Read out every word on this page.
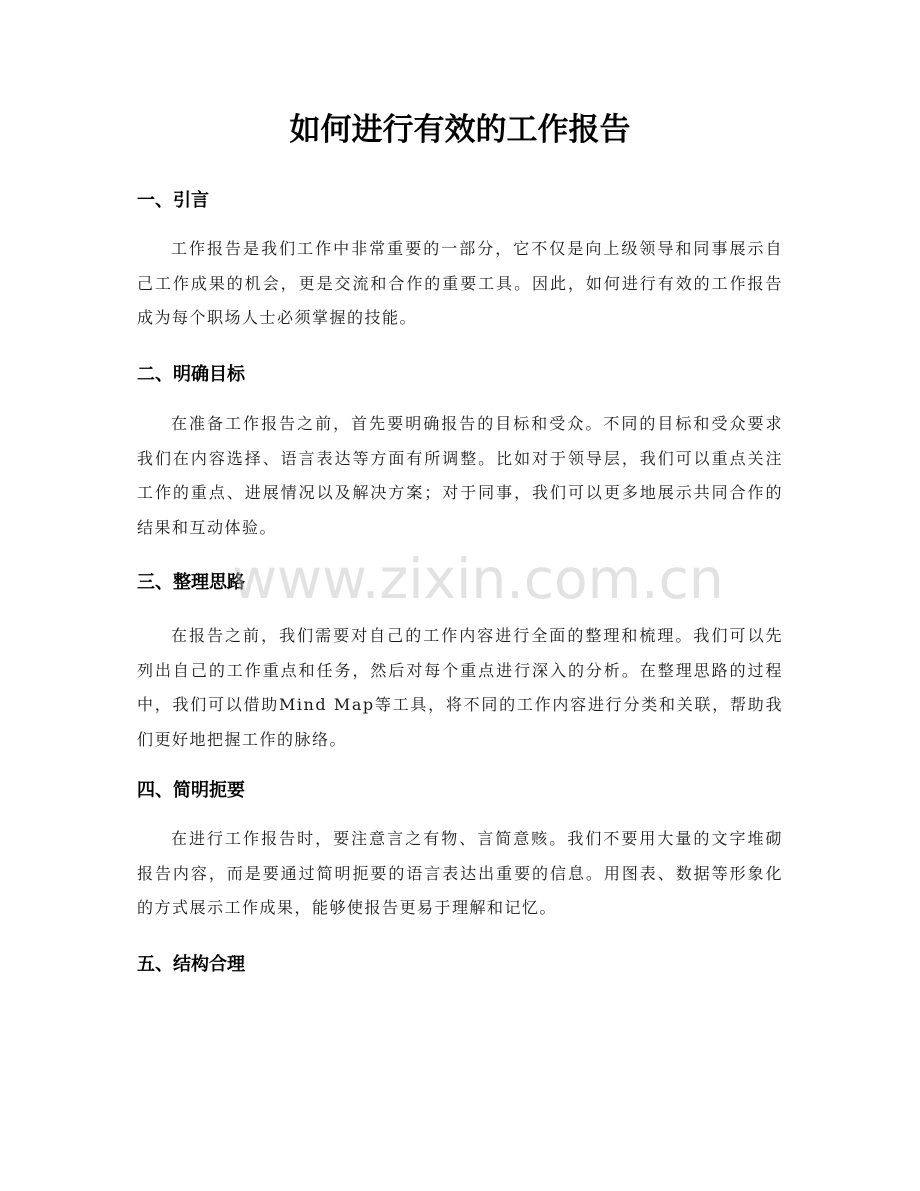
如何进行有效的工作报告
一、引言

工作报告是我们工作中非常重要的一部分，它不仅是向上级领导和同事展示自己工作成果的机会，更是交流和合作的重要工具。因此，如何进行有效的工作报告成为每个职场人士必须掌握的技能。

二、明确目标

在准备工作报告之前，首先要明确报告的目标和受众。不同的目标和受众要求我们在内容选择、语言表达等方面有所调整。比如对于领导层，我们可以重点关注工作的重点、进展情况以及解决方案；对于同事，我们可以更多地展示共同合作的结果和互动体验。

三、整理思路

在报告之前，我们需要对自己的工作内容进行全面的整理和梳理。我们可以先列出自己的工作重点和任务，然后对每个重点进行深入的分析。在整理思路的过程中，我们可以借助Mind Map等工具，将不同的工作内容进行分类和关联，帮助我们更好地把握工作的脉络。

四、简明扼要

在进行工作报告时，要注意言之有物、言简意赅。我们不要用大量的文字堆砌报告内容，而是要通过简明扼要的语言表达出重要的信息。用图表、数据等形象化的方式展示工作成果，能够使报告更易于理解和记忆。

五、结构合理
www.zixin.com.cn
